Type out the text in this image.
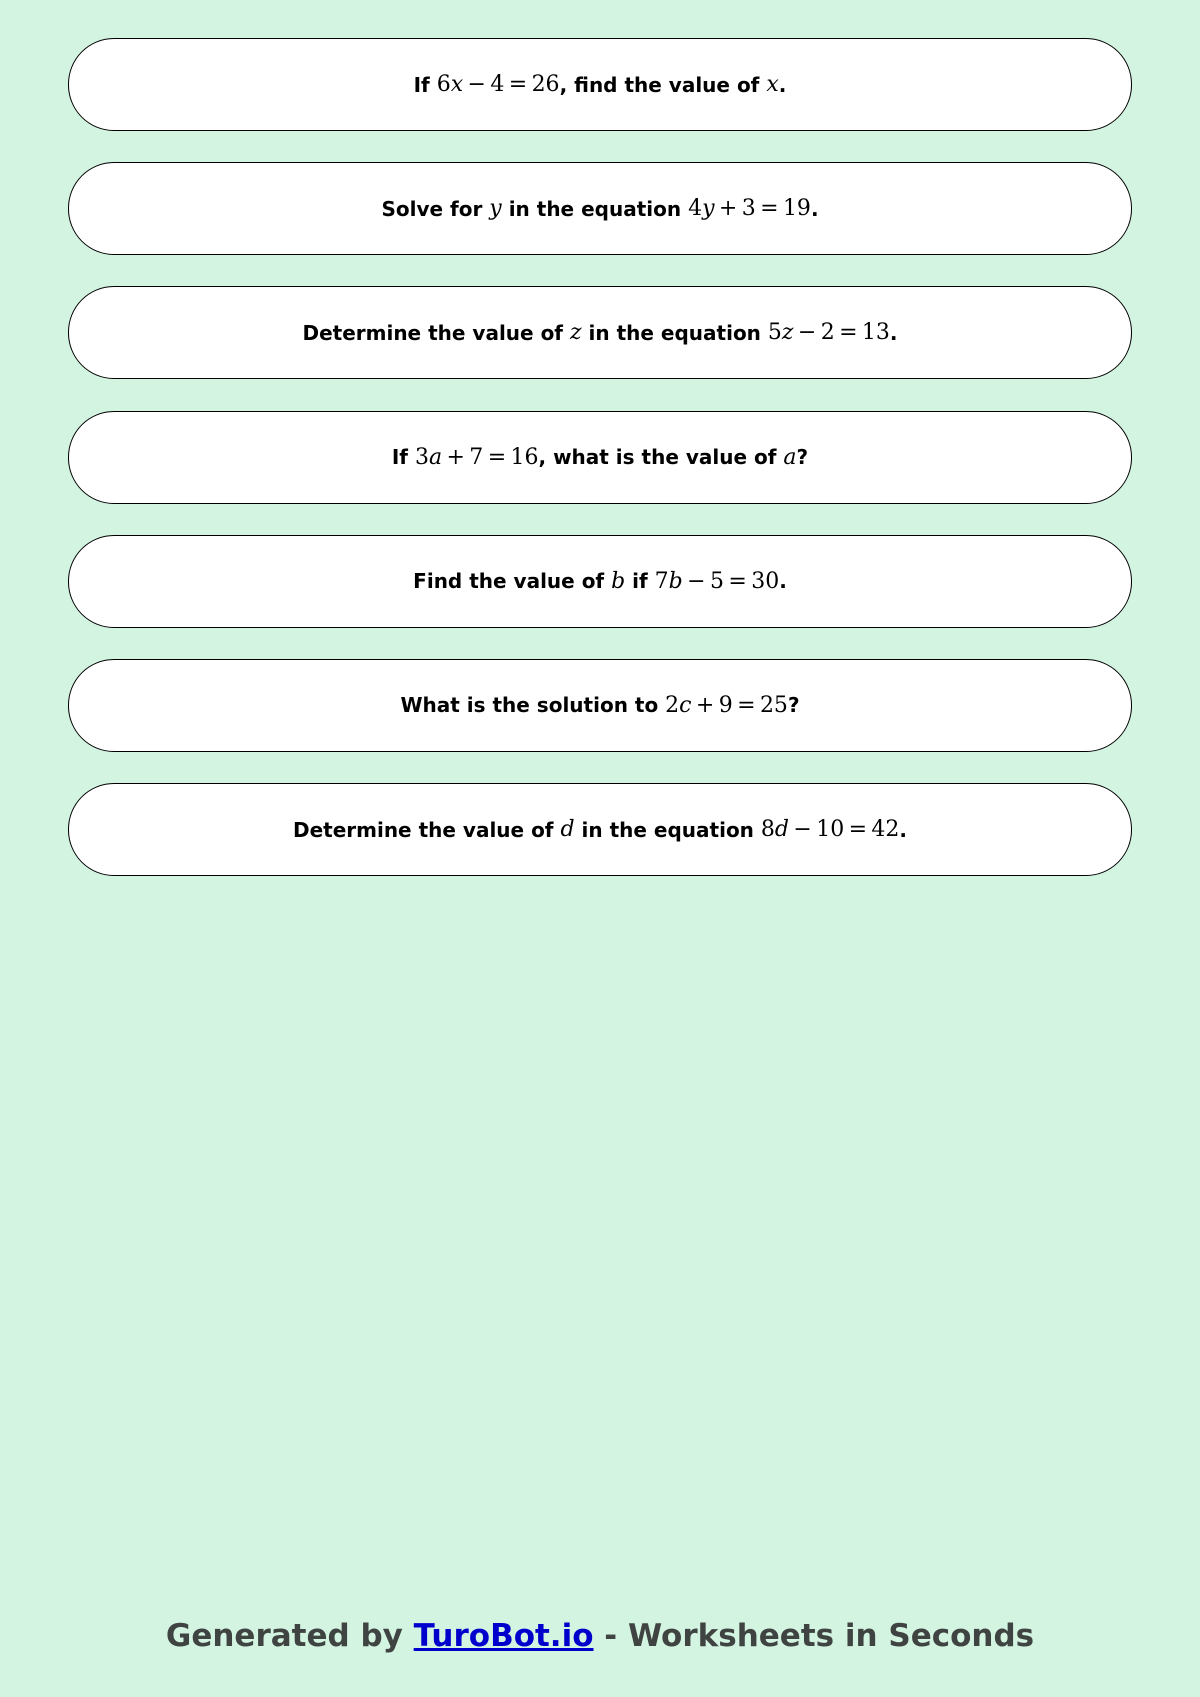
If 6x − 4 = 26 , find the value of x .
Solve for y in the equation 4y + 3 = 19 .
Determine the value of z in the equation 5z − 2 = 13 .
If 3a + 7 = 16 , what is the value of a ?
Find the value of b if 7b − 5 = 30 .
What is the solution to 2c + 9 = 25 ?
Determine the value of d in the equation 8d − 10 = 42 .
Generated by TuroBot.io - Worksheets in Seconds
